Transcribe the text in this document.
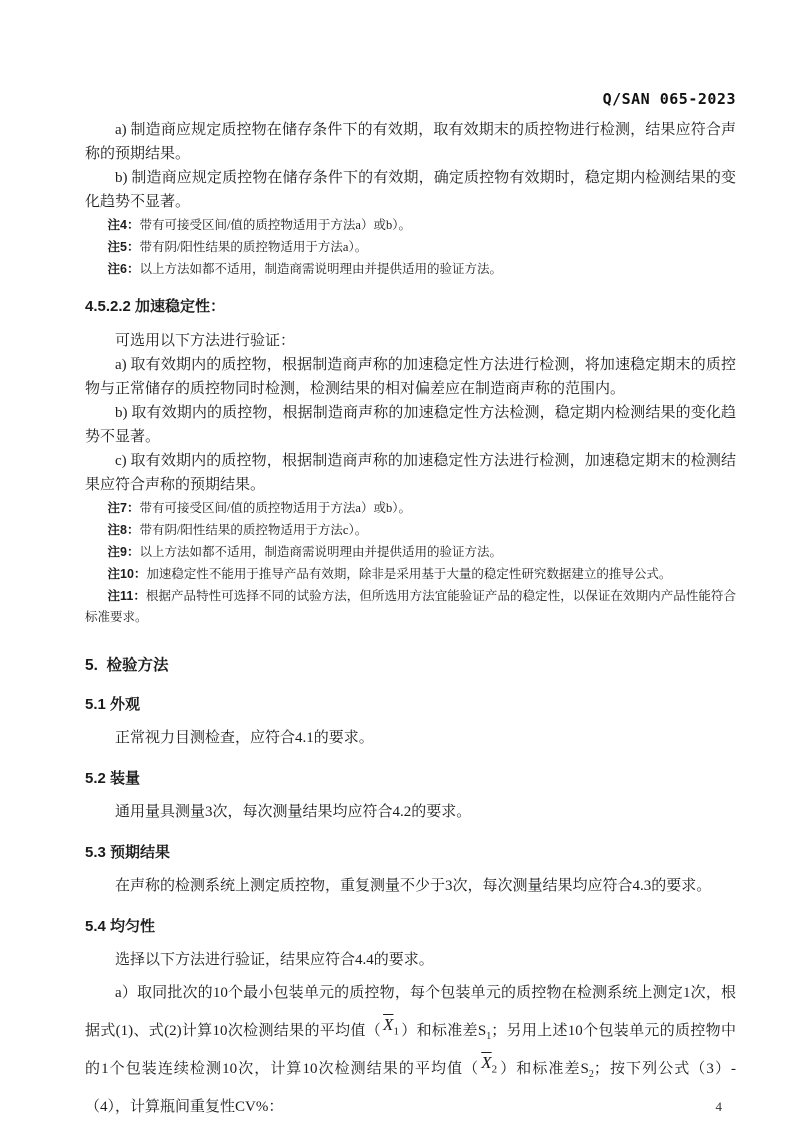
Q/SAN 065-2023
a) 制造商应规定质控物在储存条件下的有效期，取有效期末的质控物进行检测，结果应符合声称的预期结果。
b) 制造商应规定质控物在储存条件下的有效期，确定质控物有效期时，稳定期内检测结果的变化趋势不显著。
注4：带有可接受区间/值的质控物适用于方法a）或b）。
注5：带有阴/阳性结果的质控物适用于方法a）。
注6：以上方法如都不适用，制造商需说明理由并提供适用的验证方法。
4.5.2.2 加速稳定性：
可选用以下方法进行验证：
a) 取有效期内的质控物，根据制造商声称的加速稳定性方法进行检测，将加速稳定期末的质控物与正常储存的质控物同时检测，检测结果的相对偏差应在制造商声称的范围内。
b) 取有效期内的质控物，根据制造商声称的加速稳定性方法检测，稳定期内检测结果的变化趋势不显著。
c) 取有效期内的质控物，根据制造商声称的加速稳定性方法进行检测，加速稳定期末的检测结果应符合声称的预期结果。
注7：带有可接受区间/值的质控物适用于方法a）或b）。
注8：带有阴/阳性结果的质控物适用于方法c）。
注9：以上方法如都不适用，制造商需说明理由并提供适用的验证方法。
注10：加速稳定性不能用于推导产品有效期，除非是采用基于大量的稳定性研究数据建立的推导公式。
注11：根据产品特性可选择不同的试验方法，但所选用方法宜能验证产品的稳定性，以保证在效期内产品性能符合标准要求。
5.  检验方法
5.1 外观
正常视力目测检查，应符合4.1的要求。
5.2 装量
通用量具测量3次，每次测量结果均应符合4.2的要求。
5.3 预期结果
在声称的检测系统上测定质控物，重复测量不少于3次，每次测量结果均应符合4.3的要求。
5.4 均匀性
选择以下方法进行验证，结果应符合4.4的要求。
a）取同批次的10个最小包装单元的质控物，每个包装单元的质控物在检测系统上测定1次，根据式(1)、式(2)计算10次检测结果的平均值（ $\overline{X}_1$ ）和标准差$S_1$；另用上述10个包装单元的质控物中的1个包装连续检测10次，计算10次检测结果的平均值（ $\overline{X}_2$ ）和标准差$S_2$；按下列公式（3）-（4），计算瓶间重复性CV%：	4
